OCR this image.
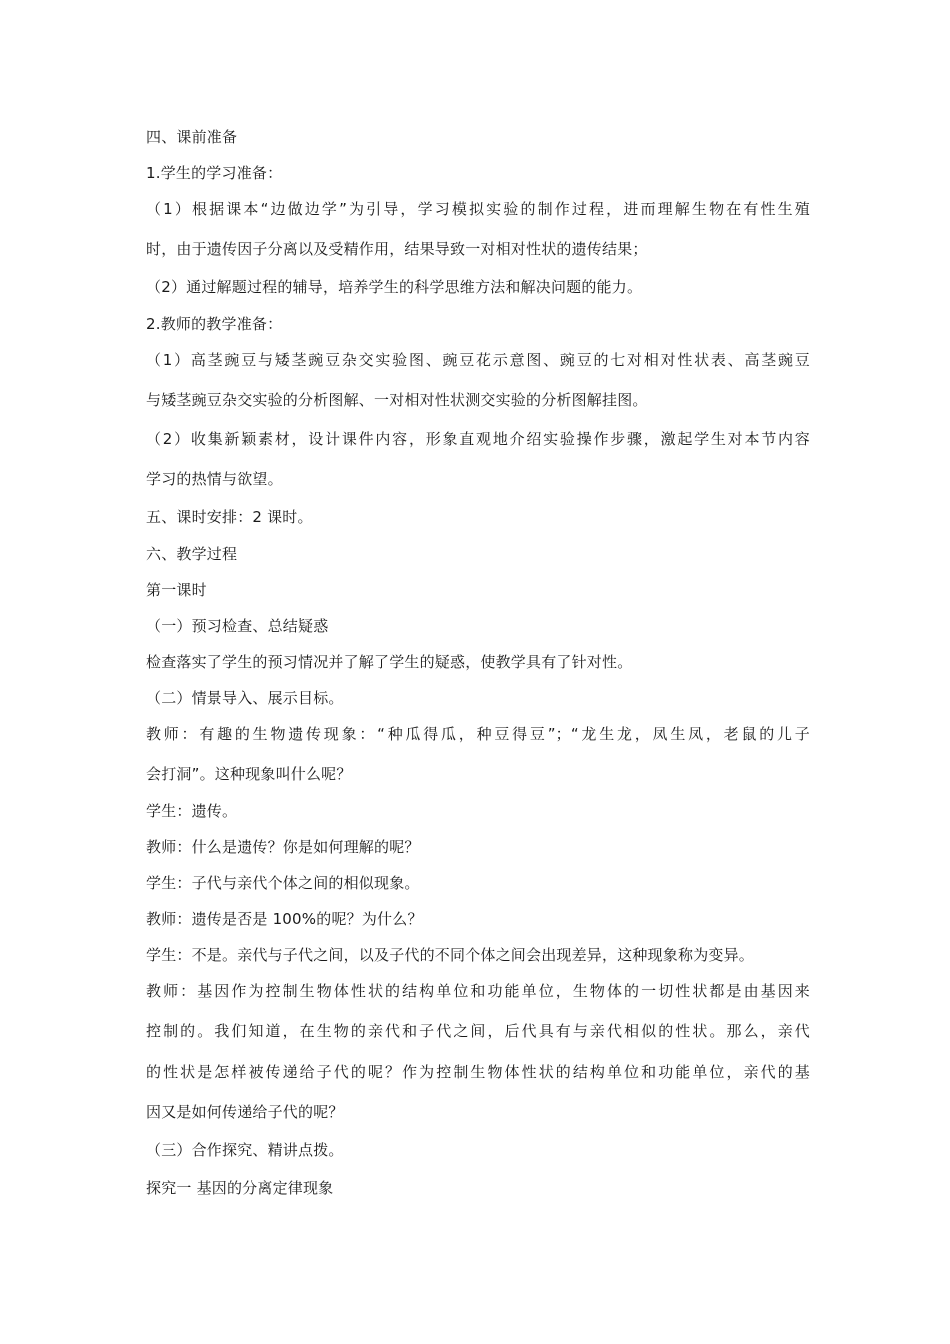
四、课前准备
1.学生的学习准备：
（1）根据课本“边做边学”为引导，学习模拟实验的制作过程，进而理解生物在有性生殖
时，由于遗传因子分离以及受精作用，结果导致一对相对性状的遗传结果；
（2）通过解题过程的辅导，培养学生的科学思维方法和解决问题的能力。
2.教师的教学准备：
（1）高茎豌豆与矮茎豌豆杂交实验图、豌豆花示意图、豌豆的七对相对性状表、高茎豌豆
与矮茎豌豆杂交实验的分析图解、一对相对性状测交实验的分析图解挂图。
（2）收集新颖素材，设计课件内容，形象直观地介绍实验操作步骤，激起学生对本节内容
学习的热情与欲望。
五、课时安排：2 课时。
六、教学过程
第一课时
（一）预习检查、总结疑惑
检查落实了学生的预习情况并了解了学生的疑惑，使教学具有了针对性。
（二）情景导入、展示目标。
教师：有趣的生物遗传现象：“种瓜得瓜，种豆得豆”；“龙生龙，凤生凤，老鼠的儿子
会打洞”。这种现象叫什么呢？
学生：遗传。
教师：什么是遗传？你是如何理解的呢？
学生：子代与亲代个体之间的相似现象。
教师：遗传是否是 100%的呢？为什么？
学生：不是。亲代与子代之间，以及子代的不同个体之间会出现差异，这种现象称为变异。
教师：基因作为控制生物体性状的结构单位和功能单位，生物体的一切性状都是由基因来
控制的。我们知道，在生物的亲代和子代之间，后代具有与亲代相似的性状。那么，亲代
的性状是怎样被传递给子代的呢？作为控制生物体性状的结构单位和功能单位，亲代的基
因又是如何传递给子代的呢？
（三）合作探究、精讲点拨。
探究一 基因的分离定律现象
